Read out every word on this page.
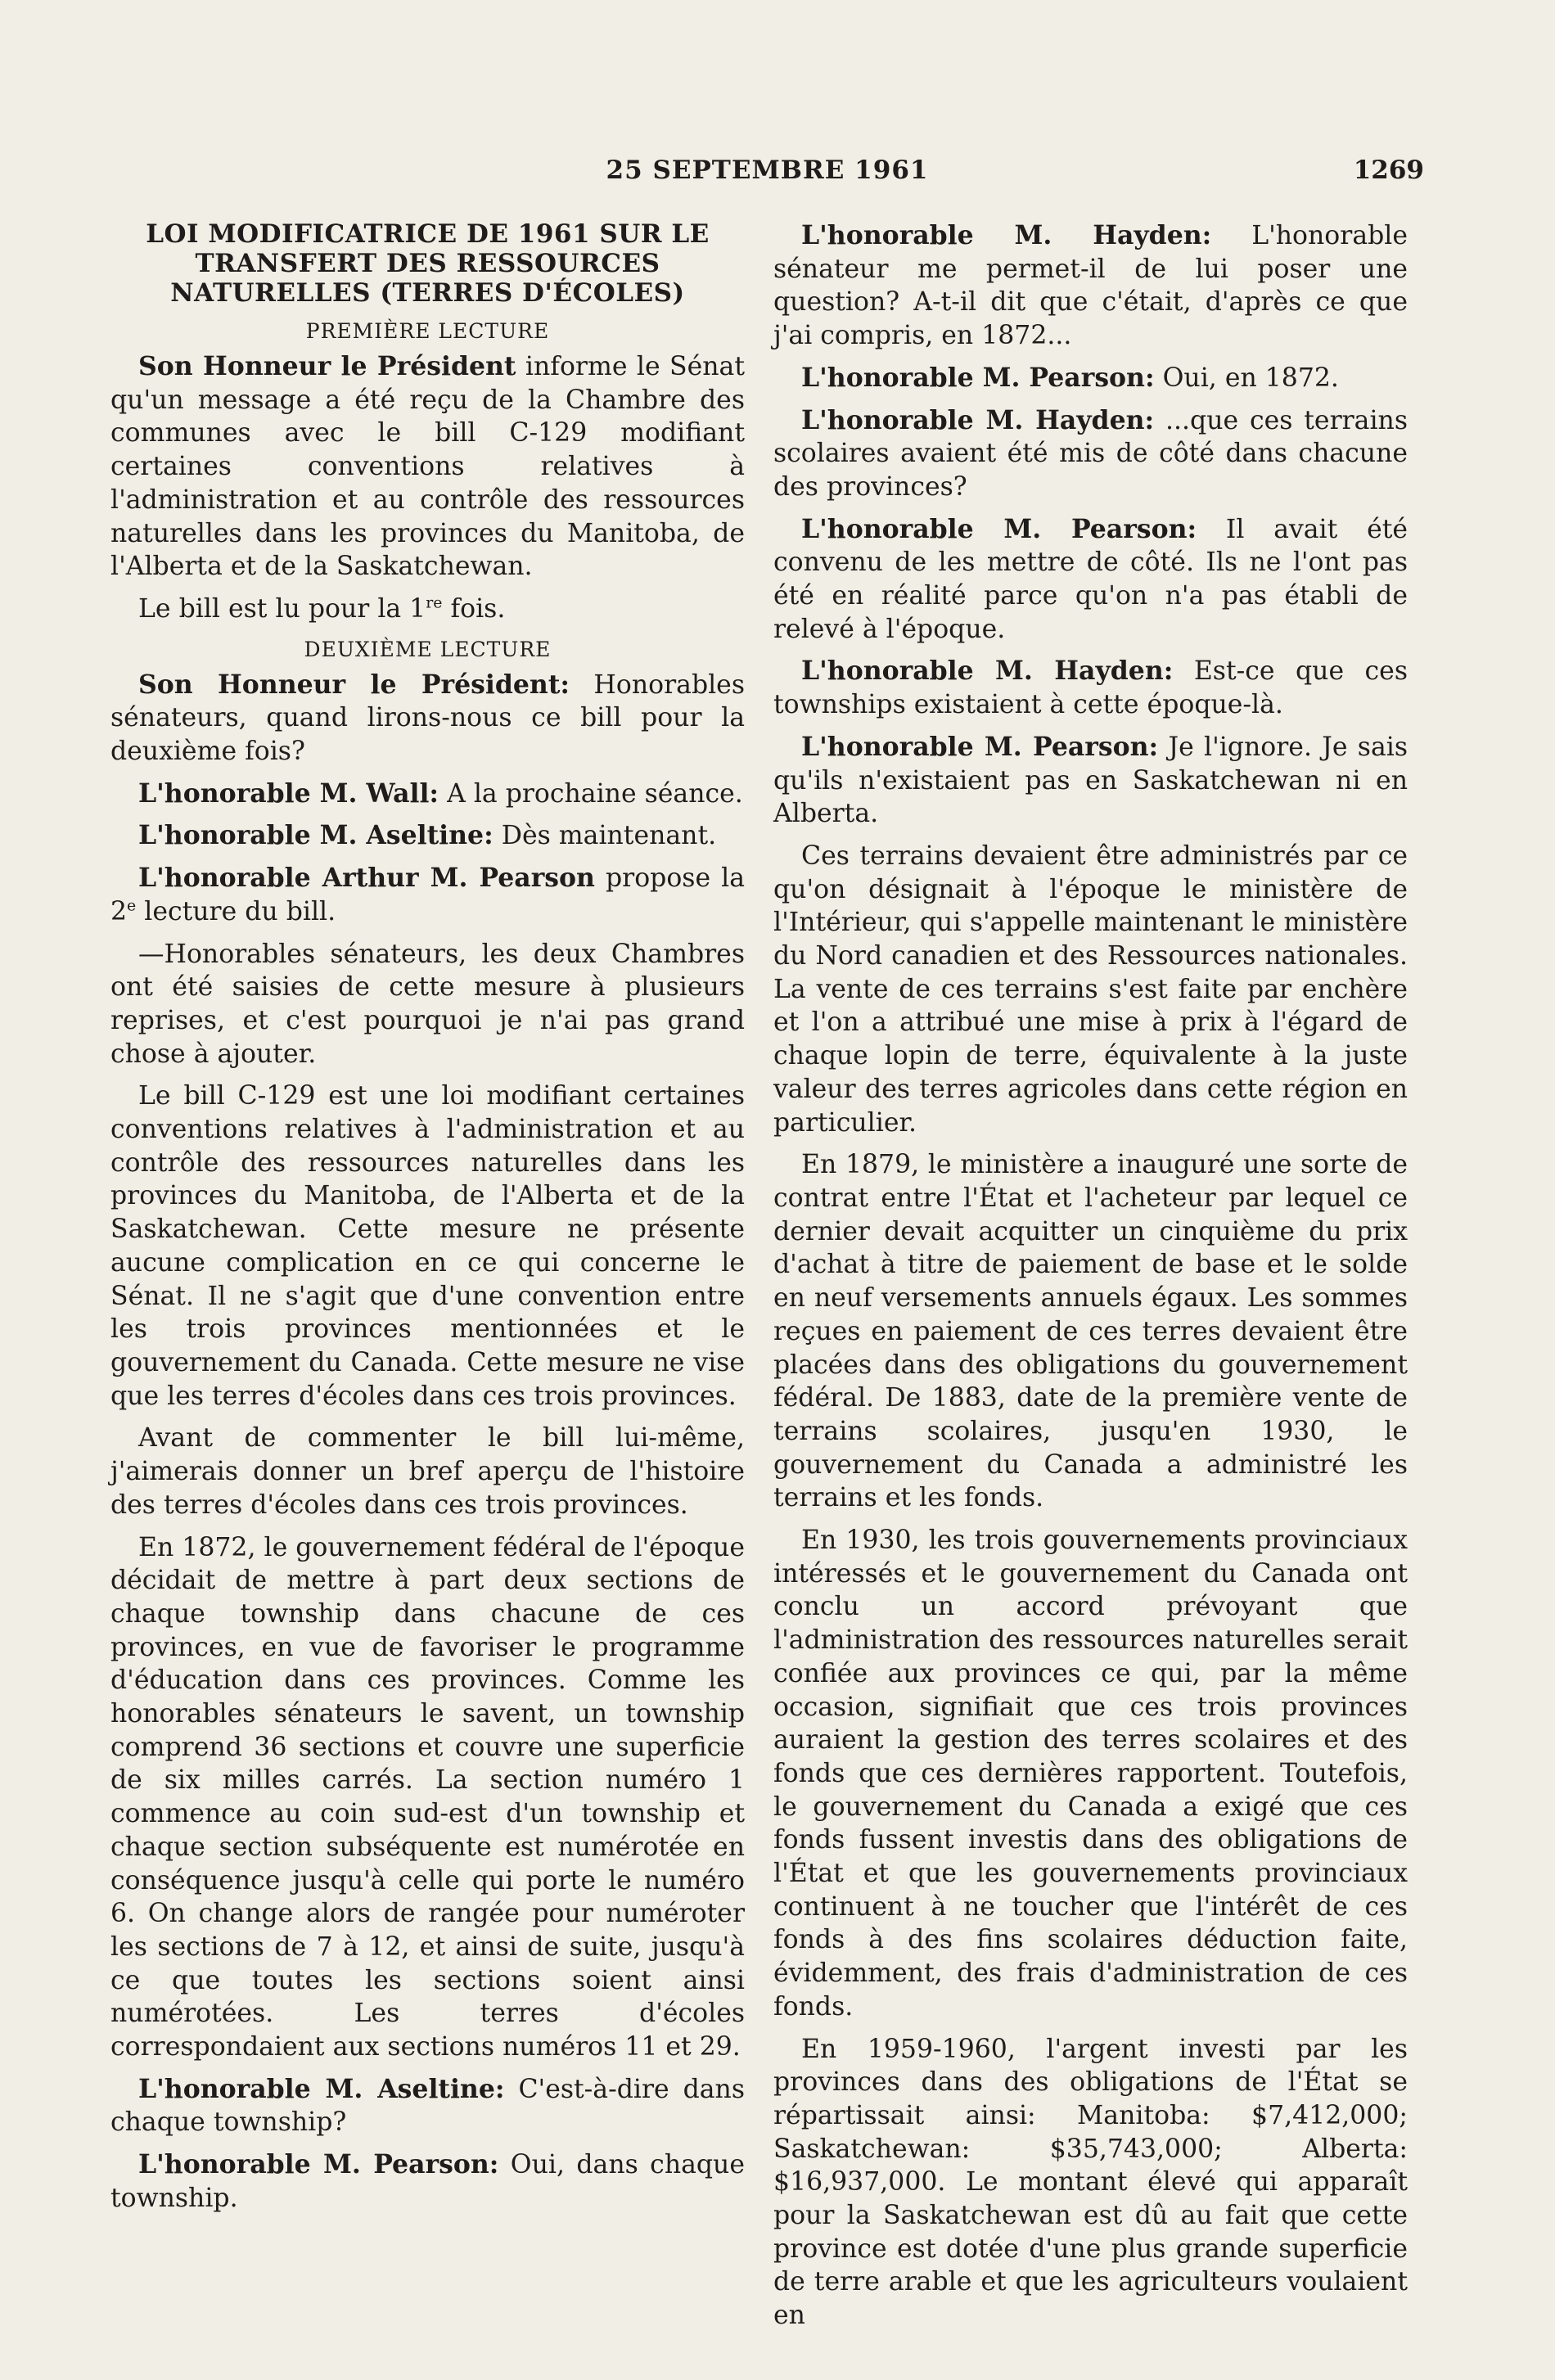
25 SEPTEMBRE 1961	1269
LOI MODIFICATRICE DE 1961 SUR LE TRANSFERT DES RESSOURCES NATURELLES (TERRES D'ÉCOLES)
PREMIÈRE LECTURE

Son Honneur le Président informe le Sénat qu'un message a été reçu de la Chambre des communes avec le bill C-129 modifiant certaines conventions relatives à l'administration et au contrôle des ressources naturelles dans les provinces du Manitoba, de l'Alberta et de la Saskatchewan.

Le bill est lu pour la 1re fois.

DEUXIÈME LECTURE

Son Honneur le Président: Honorables sénateurs, quand lirons-nous ce bill pour la deuxième fois?

L'honorable M. Wall: A la prochaine séance.

L'honorable M. Aseltine: Dès maintenant.

L'honorable Arthur M. Pearson propose la 2e lecture du bill.

—Honorables sénateurs, les deux Chambres ont été saisies de cette mesure à plusieurs reprises, et c'est pourquoi je n'ai pas grand chose à ajouter.

Le bill C-129 est une loi modifiant certaines conventions relatives à l'administration et au contrôle des ressources naturelles dans les provinces du Manitoba, de l'Alberta et de la Saskatchewan. Cette mesure ne présente aucune complication en ce qui concerne le Sénat. Il ne s'agit que d'une convention entre les trois provinces mentionnées et le gouvernement du Canada. Cette mesure ne vise que les terres d'écoles dans ces trois provinces.

Avant de commenter le bill lui-même, j'aimerais donner un bref aperçu de l'histoire des terres d'écoles dans ces trois provinces.

En 1872, le gouvernement fédéral de l'époque décidait de mettre à part deux sections de chaque township dans chacune de ces provinces, en vue de favoriser le programme d'éducation dans ces provinces. Comme les honorables sénateurs le savent, un township comprend 36 sections et couvre une superficie de six milles carrés. La section numéro 1 commence au coin sud-est d'un township et chaque section subséquente est numérotée en conséquence jusqu'à celle qui porte le numéro 6. On change alors de rangée pour numéroter les sections de 7 à 12, et ainsi de suite, jusqu'à ce que toutes les sections soient ainsi numérotées. Les terres d'écoles correspondaient aux sections numéros 11 et 29.

L'honorable M. Aseltine: C'est-à-dire dans chaque township?

L'honorable M. Pearson: Oui, dans chaque township.

L'honorable M. Hayden: L'honorable sénateur me permet-il de lui poser une question? A-t-il dit que c'était, d'après ce que j'ai compris, en 1872...

L'honorable M. Pearson: Oui, en 1872.

L'honorable M. Hayden: ...que ces terrains scolaires avaient été mis de côté dans chacune des provinces?

L'honorable M. Pearson: Il avait été convenu de les mettre de côté. Ils ne l'ont pas été en réalité parce qu'on n'a pas établi de relevé à l'époque.

L'honorable M. Hayden: Est-ce que ces townships existaient à cette époque-là.

L'honorable M. Pearson: Je l'ignore. Je sais qu'ils n'existaient pas en Saskatchewan ni en Alberta.

Ces terrains devaient être administrés par ce qu'on désignait à l'époque le ministère de l'Intérieur, qui s'appelle maintenant le ministère du Nord canadien et des Ressources nationales. La vente de ces terrains s'est faite par enchère et l'on a attribué une mise à prix à l'égard de chaque lopin de terre, équivalente à la juste valeur des terres agricoles dans cette région en particulier.

En 1879, le ministère a inauguré une sorte de contrat entre l'État et l'acheteur par lequel ce dernier devait acquitter un cinquième du prix d'achat à titre de paiement de base et le solde en neuf versements annuels égaux. Les sommes reçues en paiement de ces terres devaient être placées dans des obligations du gouvernement fédéral. De 1883, date de la première vente de terrains scolaires, jusqu'en 1930, le gouvernement du Canada a administré les terrains et les fonds.

En 1930, les trois gouvernements provinciaux intéressés et le gouvernement du Canada ont conclu un accord prévoyant que l'administration des ressources naturelles serait confiée aux provinces ce qui, par la même occasion, signifiait que ces trois provinces auraient la gestion des terres scolaires et des fonds que ces dernières rapportent. Toutefois, le gouvernement du Canada a exigé que ces fonds fussent investis dans des obligations de l'État et que les gouvernements provinciaux continuent à ne toucher que l'intérêt de ces fonds à des fins scolaires déduction faite, évidemment, des frais d'administration de ces fonds.

En 1959-1960, l'argent investi par les provinces dans des obligations de l'État se répartissait ainsi: Manitoba: $7,412,000; Saskatchewan: $35,743,000; Alberta: $16,937,000. Le montant élevé qui apparaît pour la Saskatchewan est dû au fait que cette province est dotée d'une plus grande superficie de terre arable et que les agriculteurs voulaient en
